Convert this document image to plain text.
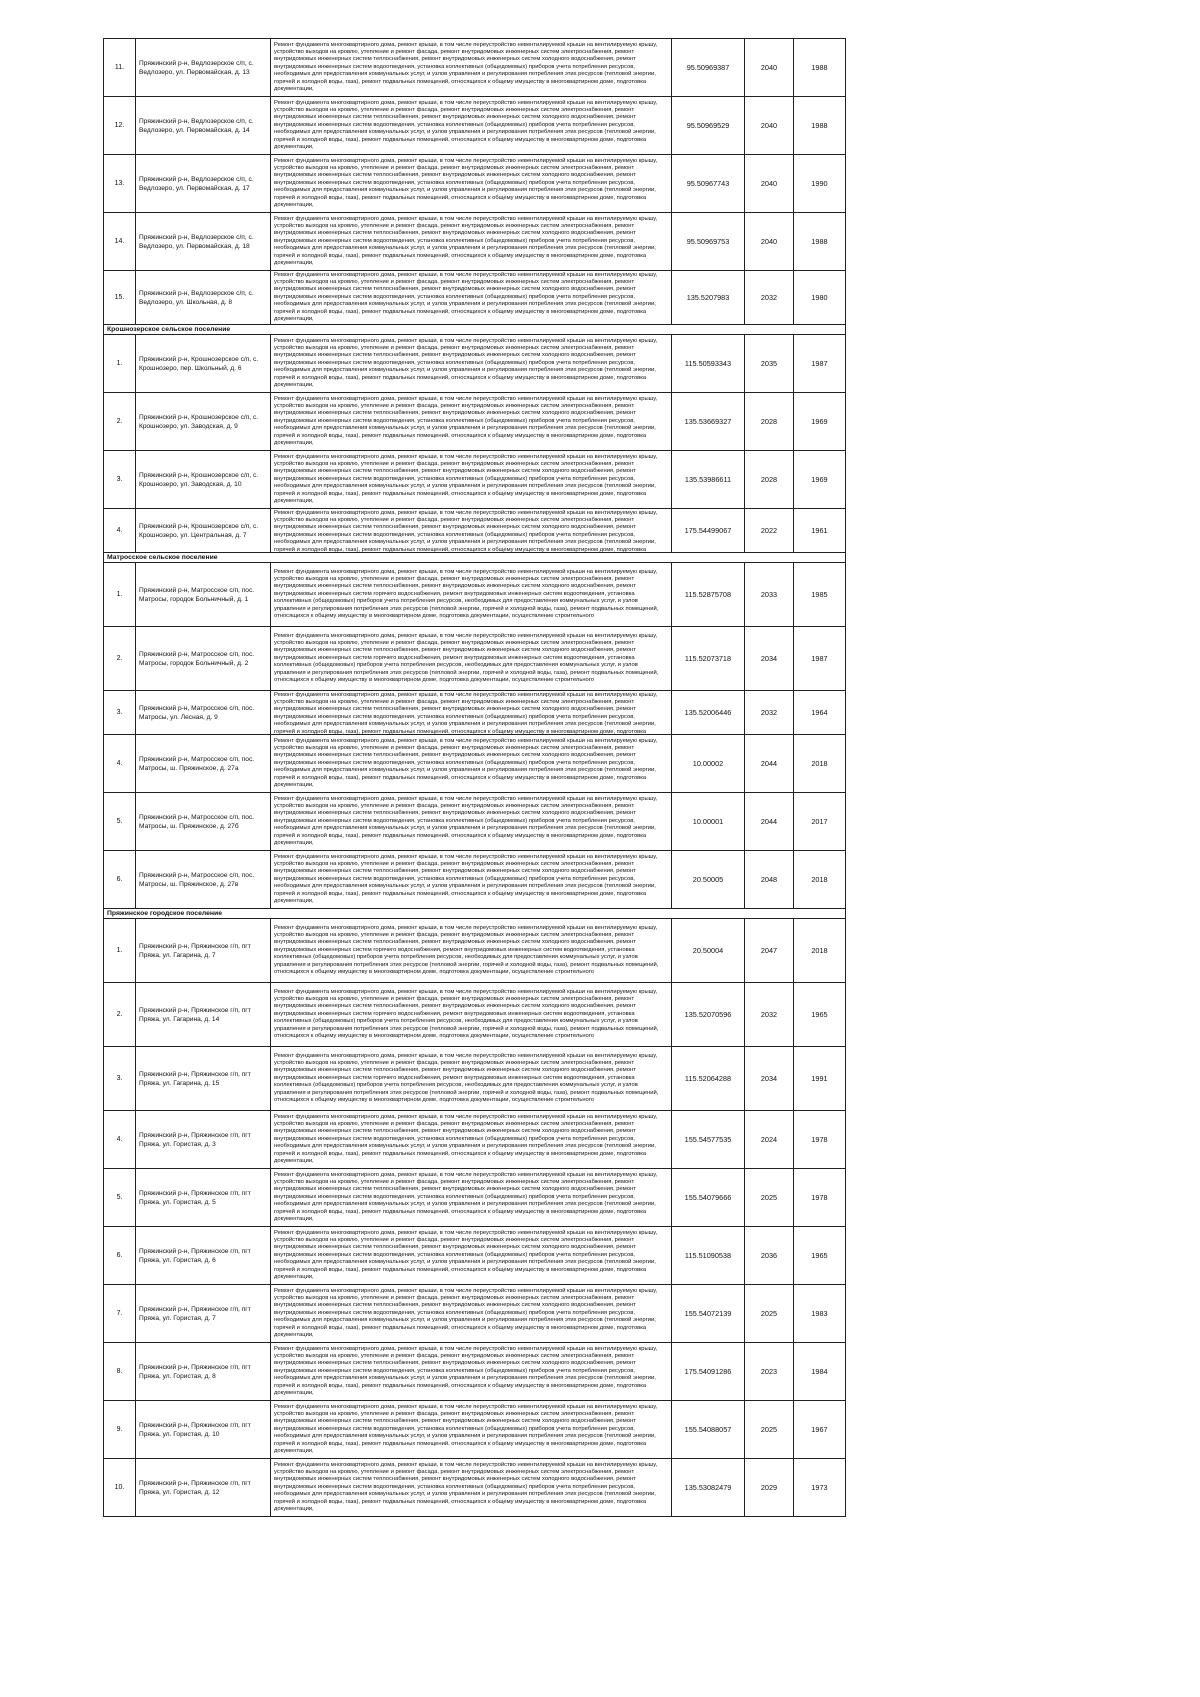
11.	Пряжинский р-н, Ведлозерское с/п, с. Ведлозеро, ул. Первомайская, д. 13	Ремонт фундамента многоквартирного дома, ремонт крыши, в том числе переустройство невентилируемой крыши на вентилируемую крышу, устройство выходов на кровлю, утепление и ремонт фасада, ремонт внутридомовых инженерных систем электроснабжения, ремонт внутридомовых инженерных систем теплоснабжения, ремонт внутридомовых инженерных систем холодного водоснабжения, ремонт внутридомовых инженерных систем водоотведения, установка коллективных (общедомовых) приборов учета потребления ресурсов, необходимых для предоставления коммунальных услуг, и узлов управления и регулирования потребления этих ресурсов (тепловой энергии, горячей и холодной воды, газа), ремонт подвальных помещений, относящихся к общему имуществу в многоквартирном доме, подготовка документации,	95.50969387	2040	1988
12.	Пряжинский р-н, Ведлозерское с/п, с. Ведлозеро, ул. Первомайская, д. 14	Ремонт фундамента многоквартирного дома, ремонт крыши, в том числе переустройство невентилируемой крыши на вентилируемую крышу, устройство выходов на кровлю, утепление и ремонт фасада, ремонт внутридомовых инженерных систем электроснабжения, ремонт внутридомовых инженерных систем теплоснабжения, ремонт внутридомовых инженерных систем холодного водоснабжения, ремонт внутридомовых инженерных систем водоотведения, установка коллективных (общедомовых) приборов учета потребления ресурсов, необходимых для предоставления коммунальных услуг, и узлов управления и регулирования потребления этих ресурсов (тепловой энергии, горячей и холодной воды, газа), ремонт подвальных помещений, относящихся к общему имуществу в многоквартирном доме, подготовка документации,	95.50969529	2040	1988
13.	Пряжинский р-н, Ведлозерское с/п, с. Ведлозеро, ул. Первомайская, д. 17	Ремонт фундамента многоквартирного дома, ремонт крыши, в том числе переустройство невентилируемой крыши на вентилируемую крышу, устройство выходов на кровлю, утепление и ремонт фасада, ремонт внутридомовых инженерных систем электроснабжения, ремонт внутридомовых инженерных систем теплоснабжения, ремонт внутридомовых инженерных систем холодного водоснабжения, ремонт внутридомовых инженерных систем водоотведения, установка коллективных (общедомовых) приборов учета потребления ресурсов, необходимых для предоставления коммунальных услуг, и узлов управления и регулирования потребления этих ресурсов (тепловой энергии, горячей и холодной воды, газа), ремонт подвальных помещений, относящихся к общему имуществу в многоквартирном доме, подготовка документации,	95.50967743	2040	1990
14.	Пряжинский р-н, Ведлозерское с/п, с. Ведлозеро, ул. Первомайская, д. 18	Ремонт фундамента многоквартирного дома, ремонт крыши, в том числе переустройство невентилируемой крыши на вентилируемую крышу, устройство выходов на кровлю, утепление и ремонт фасада, ремонт внутридомовых инженерных систем электроснабжения, ремонт внутридомовых инженерных систем теплоснабжения, ремонт внутридомовых инженерных систем холодного водоснабжения, ремонт внутридомовых инженерных систем водоотведения, установка коллективных (общедомовых) приборов учета потребления ресурсов, необходимых для предоставления коммунальных услуг, и узлов управления и регулирования потребления этих ресурсов (тепловой энергии, горячей и холодной воды, газа), ремонт подвальных помещений, относящихся к общему имуществу в многоквартирном доме, подготовка документации,	95.50969753	2040	1988
15.	Пряжинский р-н, Ведлозерское с/п, с. Ведлозеро, ул. Школьная, д. 8	Ремонт фундамента многоквартирного дома, ремонт крыши, в том числе переустройство невентилируемой крыши на вентилируемую крышу, устройство выходов на кровлю, утепление и ремонт фасада, ремонт внутридомовых инженерных систем электроснабжения, ремонт внутридомовых инженерных систем теплоснабжения, ремонт внутридомовых инженерных систем холодного водоснабжения, ремонт внутридомовых инженерных систем водоотведения, установка коллективных (общедомовых) приборов учета потребления ресурсов, необходимых для предоставления коммунальных услуг, и узлов управления и регулирования потребления этих ресурсов (тепловой энергии, горячей и холодной воды, газа), ремонт подвальных помещений, относящихся к общему имуществу в многоквартирном доме, подготовка документации,	135.5207983	2032	1980
Крошнозерское сельское поселение					
1.	Пряжинский р-н, Крошнозерское с/п, с. Крошнозеро, пер. Школьный, д. 6	Ремонт фундамента многоквартирного дома, ремонт крыши, в том числе переустройство невентилируемой крыши на вентилируемую крышу, устройство выходов на кровлю, утепление и ремонт фасада, ремонт внутридомовых инженерных систем электроснабжения, ремонт внутридомовых инженерных систем теплоснабжения, ремонт внутридомовых инженерных систем холодного водоснабжения, ремонт внутридомовых инженерных систем водоотведения, установка коллективных (общедомовых) приборов учета потребления ресурсов, необходимых для предоставления коммунальных услуг, и узлов управления и регулирования потребления этих ресурсов (тепловой энергии, горячей и холодной воды, газа), ремонт подвальных помещений, относящихся к общему имуществу в многоквартирном доме, подготовка документации,	115.50593343	2035	1987
2.	Пряжинский р-н, Крошнозерское с/п, с. Крошнозеро, ул. Заводская, д. 9	Ремонт фундамента многоквартирного дома, ремонт крыши, в том числе переустройство невентилируемой крыши на вентилируемую крышу, устройство выходов на кровлю, утепление и ремонт фасада, ремонт внутридомовых инженерных систем электроснабжения, ремонт внутридомовых инженерных систем теплоснабжения, ремонт внутридомовых инженерных систем холодного водоснабжения, ремонт внутридомовых инженерных систем водоотведения, установка коллективных (общедомовых) приборов учета потребления ресурсов, необходимых для предоставления коммунальных услуг, и узлов управления и регулирования потребления этих ресурсов (тепловой энергии, горячей и холодной воды, газа), ремонт подвальных помещений, относящихся к общему имуществу в многоквартирном доме, подготовка документации,	135.53669327	2028	1969
3.	Пряжинский р-н, Крошнозерское с/п, с. Крошнозеро, ул. Заводская, д. 10	Ремонт фундамента многоквартирного дома, ремонт крыши, в том числе переустройство невентилируемой крыши на вентилируемую крышу, устройство выходов на кровлю, утепление и ремонт фасада, ремонт внутридомовых инженерных систем электроснабжения, ремонт внутридомовых инженерных систем теплоснабжения, ремонт внутридомовых инженерных систем холодного водоснабжения, ремонт внутридомовых инженерных систем водоотведения, установка коллективных (общедомовых) приборов учета потребления ресурсов, необходимых для предоставления коммунальных услуг, и узлов управления и регулирования потребления этих ресурсов (тепловой энергии, горячей и холодной воды, газа), ремонт подвальных помещений, относящихся к общему имуществу в многоквартирном доме, подготовка документации,	135.53986611	2028	1969
4.	Пряжинский р-н, Крошнозерское с/п, с. Крошнозеро, ул. Центральная, д. 7	Ремонт фундамента многоквартирного дома, ремонт крыши, в том числе переустройство невентилируемой крыши на вентилируемую крышу, устройство выходов на кровлю, утепление и ремонт фасада, ремонт внутридомовых инженерных систем электроснабжения, ремонт внутридомовых инженерных систем теплоснабжения, ремонт внутридомовых инженерных систем холодного водоснабжения, ремонт внутридомовых инженерных систем водоотведения, установка коллективных (общедомовых) приборов учета потребления ресурсов, необходимых для предоставления коммунальных услуг, и узлов управления и регулирования потребления этих ресурсов (тепловой энергии, горячей и холодной воды, газа), ремонт подвальных помещений, относящихся к общему имуществу в многоквартирном доме, подготовка	175.54499067	2022	1961
Матросское сельское поселение					
1.	Пряжинский р-н, Матросское с/п, пос. Матросы, городок Больничный, д. 1	Ремонт фундамента многоквартирного дома, ремонт крыши, в том числе переустройство невентилируемой крыши на вентилируемую крышу, устройство выходов на кровлю, утепление и ремонт фасада, ремонт внутридомовых инженерных систем электроснабжения, ремонт внутридомовых инженерных систем теплоснабжения, ремонт внутридомовых инженерных систем холодного водоснабжения, ремонт внутридомовых инженерных систем горячего водоснабжения, ремонт внутридомовых инженерных систем водоотведения, установка коллективных (общедомовых) приборов учета потребления ресурсов, необходимых для предоставления коммунальных услуг, и узлов управления и регулирования потребления этих ресурсов (тепловой энергии, горячей и холодной воды, газа), ремонт подвальных помещений, относящихся к общему имуществу в многоквартирном доме, подготовка документации, осуществление строительного	115.52875708	2033	1985
2.	Пряжинский р-н, Матросское с/п, пос. Матросы, городок Больничный, д. 2	Ремонт фундамента многоквартирного дома, ремонт крыши, в том числе переустройство невентилируемой крыши на вентилируемую крышу, устройство выходов на кровлю, утепление и ремонт фасада, ремонт внутридомовых инженерных систем электроснабжения, ремонт внутридомовых инженерных систем теплоснабжения, ремонт внутридомовых инженерных систем холодного водоснабжения, ремонт внутридомовых инженерных систем горячего водоснабжения, ремонт внутридомовых инженерных систем водоотведения, установка коллективных (общедомовых) приборов учета потребления ресурсов, необходимых для предоставления коммунальных услуг, и узлов управления и регулирования потребления этих ресурсов (тепловой энергии, горячей и холодной воды, газа), ремонт подвальных помещений, относящихся к общему имуществу в многоквартирном доме, подготовка документации, осуществление строительного	115.52073718	2034	1987
3.	Пряжинский р-н, Матросское с/п, пос. Матросы, ул. Лесная, д. 9	Ремонт фундамента многоквартирного дома, ремонт крыши, в том числе переустройство невентилируемой крыши на вентилируемую крышу, устройство выходов на кровлю, утепление и ремонт фасада, ремонт внутридомовых инженерных систем электроснабжения, ремонт внутридомовых инженерных систем теплоснабжения, ремонт внутридомовых инженерных систем холодного водоснабжения, ремонт внутридомовых инженерных систем водоотведения, установка коллективных (общедомовых) приборов учета потребления ресурсов, необходимых для предоставления коммунальных услуг, и узлов управления и регулирования потребления этих ресурсов (тепловой энергии, горячей и холодной воды, газа), ремонт подвальных помещений, относящихся к общему имуществу в многоквартирном доме, подготовка	135.52006446	2032	1964
4.	Пряжинский р-н, Матросское с/п, пос. Матросы, ш. Пряжинское, д. 27а	Ремонт фундамента многоквартирного дома, ремонт крыши, в том числе переустройство невентилируемой крыши на вентилируемую крышу, устройство выходов на кровлю, утепление и ремонт фасада, ремонт внутридомовых инженерных систем электроснабжения, ремонт внутридомовых инженерных систем теплоснабжения, ремонт внутридомовых инженерных систем холодного водоснабжения, ремонт внутридомовых инженерных систем водоотведения, установка коллективных (общедомовых) приборов учета потребления ресурсов, необходимых для предоставления коммунальных услуг, и узлов управления и регулирования потребления этих ресурсов (тепловой энергии, горячей и холодной воды, газа), ремонт подвальных помещений, относящихся к общему имуществу в многоквартирном доме, подготовка документации,	10.00002	2044	2018
5.	Пряжинский р-н, Матросское с/п, пос. Матросы, ш. Пряжинское, д. 27б	Ремонт фундамента многоквартирного дома, ремонт крыши, в том числе переустройство невентилируемой крыши на вентилируемую крышу, устройство выходов на кровлю, утепление и ремонт фасада, ремонт внутридомовых инженерных систем электроснабжения, ремонт внутридомовых инженерных систем теплоснабжения, ремонт внутридомовых инженерных систем холодного водоснабжения, ремонт внутридомовых инженерных систем водоотведения, установка коллективных (общедомовых) приборов учета потребления ресурсов, необходимых для предоставления коммунальных услуг, и узлов управления и регулирования потребления этих ресурсов (тепловой энергии, горячей и холодной воды, газа), ремонт подвальных помещений, относящихся к общему имуществу в многоквартирном доме, подготовка документации,	10.00001	2044	2017
6.	Пряжинский р-н, Матросское с/п, пос. Матросы, ш. Пряжинское, д. 27в	Ремонт фундамента многоквартирного дома, ремонт крыши, в том числе переустройство невентилируемой крыши на вентилируемую крышу, устройство выходов на кровлю, утепление и ремонт фасада, ремонт внутридомовых инженерных систем электроснабжения, ремонт внутридомовых инженерных систем теплоснабжения, ремонт внутридомовых инженерных систем холодного водоснабжения, ремонт внутридомовых инженерных систем водоотведения, установка коллективных (общедомовых) приборов учета потребления ресурсов, необходимых для предоставления коммунальных услуг, и узлов управления и регулирования потребления этих ресурсов (тепловой энергии, горячей и холодной воды, газа), ремонт подвальных помещений, относящихся к общему имуществу в многоквартирном доме, подготовка документации,	20.50005	2048	2018
Пряжинское городское поселение					
1.	Пряжинский р-н, Пряжинское г/п, пгт Пряжа, ул. Гагарина, д. 7	Ремонт фундамента многоквартирного дома, ремонт крыши, в том числе переустройство невентилируемой крыши на вентилируемую крышу, устройство выходов на кровлю, утепление и ремонт фасада, ремонт внутридомовых инженерных систем электроснабжения, ремонт внутридомовых инженерных систем теплоснабжения, ремонт внутридомовых инженерных систем холодного водоснабжения, ремонт внутридомовых инженерных систем горячего водоснабжения, ремонт внутридомовых инженерных систем водоотведения, установка коллективных (общедомовых) приборов учета потребления ресурсов, необходимых для предоставления коммунальных услуг, и узлов управления и регулирования потребления этих ресурсов (тепловой энергии, горячей и холодной воды, газа), ремонт подвальных помещений, относящихся к общему имуществу в многоквартирном доме, подготовка документации, осуществление строительного	20.50004	2047	2018
2.	Пряжинский р-н, Пряжинское г/п, пгт Пряжа, ул. Гагарина, д. 14	Ремонт фундамента многоквартирного дома, ремонт крыши, в том числе переустройство невентилируемой крыши на вентилируемую крышу, устройство выходов на кровлю, утепление и ремонт фасада, ремонт внутридомовых инженерных систем электроснабжения, ремонт внутридомовых инженерных систем теплоснабжения, ремонт внутридомовых инженерных систем холодного водоснабжения, ремонт внутридомовых инженерных систем горячего водоснабжения, ремонт внутридомовых инженерных систем водоотведения, установка коллективных (общедомовых) приборов учета потребления ресурсов, необходимых для предоставления коммунальных услуг, и узлов управления и регулирования потребления этих ресурсов (тепловой энергии, горячей и холодной воды, газа), ремонт подвальных помещений, относящихся к общему имуществу в многоквартирном доме, подготовка документации, осуществление строительного	135.52070596	2032	1965
3.	Пряжинский р-н, Пряжинское г/п, пгт Пряжа, ул. Гагарина, д. 15	Ремонт фундамента многоквартирного дома, ремонт крыши, в том числе переустройство невентилируемой крыши на вентилируемую крышу, устройство выходов на кровлю, утепление и ремонт фасада, ремонт внутридомовых инженерных систем электроснабжения, ремонт внутридомовых инженерных систем теплоснабжения, ремонт внутридомовых инженерных систем холодного водоснабжения, ремонт внутридомовых инженерных систем горячего водоснабжения, ремонт внутридомовых инженерных систем водоотведения, установка коллективных (общедомовых) приборов учета потребления ресурсов, необходимых для предоставления коммунальных услуг, и узлов управления и регулирования потребления этих ресурсов (тепловой энергии, горячей и холодной воды, газа), ремонт подвальных помещений, относящихся к общему имуществу в многоквартирном доме, подготовка документации, осуществление строительного	115.52064288	2034	1991
4.	Пряжинский р-н, Пряжинское г/п, пгт Пряжа, ул. Гористая, д. 3	Ремонт фундамента многоквартирного дома, ремонт крыши, в том числе переустройство невентилируемой крыши на вентилируемую крышу, устройство выходов на кровлю, утепление и ремонт фасада, ремонт внутридомовых инженерных систем электроснабжения, ремонт внутридомовых инженерных систем теплоснабжения, ремонт внутридомовых инженерных систем холодного водоснабжения, ремонт внутридомовых инженерных систем водоотведения, установка коллективных (общедомовых) приборов учета потребления ресурсов, необходимых для предоставления коммунальных услуг, и узлов управления и регулирования потребления этих ресурсов (тепловой энергии, горячей и холодной воды, газа), ремонт подвальных помещений, относящихся к общему имуществу в многоквартирном доме, подготовка документации,	155.54577535	2024	1978
5.	Пряжинский р-н, Пряжинское г/п, пгт Пряжа, ул. Гористая, д. 5	Ремонт фундамента многоквартирного дома, ремонт крыши, в том числе переустройство невентилируемой крыши на вентилируемую крышу, устройство выходов на кровлю, утепление и ремонт фасада, ремонт внутридомовых инженерных систем электроснабжения, ремонт внутридомовых инженерных систем теплоснабжения, ремонт внутридомовых инженерных систем холодного водоснабжения, ремонт внутридомовых инженерных систем водоотведения, установка коллективных (общедомовых) приборов учета потребления ресурсов, необходимых для предоставления коммунальных услуг, и узлов управления и регулирования потребления этих ресурсов (тепловой энергии, горячей и холодной воды, газа), ремонт подвальных помещений, относящихся к общему имуществу в многоквартирном доме, подготовка документации,	155.54079666	2025	1978
6.	Пряжинский р-н, Пряжинское г/п, пгт Пряжа, ул. Гористая, д. 6	Ремонт фундамента многоквартирного дома, ремонт крыши, в том числе переустройство невентилируемой крыши на вентилируемую крышу, устройство выходов на кровлю, утепление и ремонт фасада, ремонт внутридомовых инженерных систем электроснабжения, ремонт внутридомовых инженерных систем теплоснабжения, ремонт внутридомовых инженерных систем холодного водоснабжения, ремонт внутридомовых инженерных систем водоотведения, установка коллективных (общедомовых) приборов учета потребления ресурсов, необходимых для предоставления коммунальных услуг, и узлов управления и регулирования потребления этих ресурсов (тепловой энергии, горячей и холодной воды, газа), ремонт подвальных помещений, относящихся к общему имуществу в многоквартирном доме, подготовка документации,	115.51090538	2036	1965
7.	Пряжинский р-н, Пряжинское г/п, пгт Пряжа, ул. Гористая, д. 7	Ремонт фундамента многоквартирного дома, ремонт крыши, в том числе переустройство невентилируемой крыши на вентилируемую крышу, устройство выходов на кровлю, утепление и ремонт фасада, ремонт внутридомовых инженерных систем электроснабжения, ремонт внутридомовых инженерных систем теплоснабжения, ремонт внутридомовых инженерных систем холодного водоснабжения, ремонт внутридомовых инженерных систем водоотведения, установка коллективных (общедомовых) приборов учета потребления ресурсов, необходимых для предоставления коммунальных услуг, и узлов управления и регулирования потребления этих ресурсов (тепловой энергии, горячей и холодной воды, газа), ремонт подвальных помещений, относящихся к общему имуществу в многоквартирном доме, подготовка документации,	155.54072139	2025	1983
8.	Пряжинский р-н, Пряжинское г/п, пгт Пряжа, ул. Гористая, д. 8	Ремонт фундамента многоквартирного дома, ремонт крыши, в том числе переустройство невентилируемой крыши на вентилируемую крышу, устройство выходов на кровлю, утепление и ремонт фасада, ремонт внутридомовых инженерных систем электроснабжения, ремонт внутридомовых инженерных систем теплоснабжения, ремонт внутридомовых инженерных систем холодного водоснабжения, ремонт внутридомовых инженерных систем водоотведения, установка коллективных (общедомовых) приборов учета потребления ресурсов, необходимых для предоставления коммунальных услуг, и узлов управления и регулирования потребления этих ресурсов (тепловой энергии, горячей и холодной воды, газа), ремонт подвальных помещений, относящихся к общему имуществу в многоквартирном доме, подготовка документации,	175.54091286	2023	1984
9.	Пряжинский р-н, Пряжинское г/п, пгт Пряжа, ул. Гористая, д. 10	Ремонт фундамента многоквартирного дома, ремонт крыши, в том числе переустройство невентилируемой крыши на вентилируемую крышу, устройство выходов на кровлю, утепление и ремонт фасада, ремонт внутридомовых инженерных систем электроснабжения, ремонт внутридомовых инженерных систем теплоснабжения, ремонт внутридомовых инженерных систем холодного водоснабжения, ремонт внутридомовых инженерных систем водоотведения, установка коллективных (общедомовых) приборов учета потребления ресурсов, необходимых для предоставления коммунальных услуг, и узлов управления и регулирования потребления этих ресурсов (тепловой энергии, горячей и холодной воды, газа), ремонт подвальных помещений, относящихся к общему имуществу в многоквартирном доме, подготовка документации,	155.54088057	2025	1967
10.	Пряжинский р-н, Пряжинское г/п, пгт Пряжа, ул. Гористая, д. 12	Ремонт фундамента многоквартирного дома, ремонт крыши, в том числе переустройство невентилируемой крыши на вентилируемую крышу, устройство выходов на кровлю, утепление и ремонт фасада, ремонт внутридомовых инженерных систем электроснабжения, ремонт внутридомовых инженерных систем теплоснабжения, ремонт внутридомовых инженерных систем холодного водоснабжения, ремонт внутридомовых инженерных систем водоотведения, установка коллективных (общедомовых) приборов учета потребления ресурсов, необходимых для предоставления коммунальных услуг, и узлов управления и регулирования потребления этих ресурсов (тепловой энергии, горячей и холодной воды, газа), ремонт подвальных помещений, относящихся к общему имуществу в многоквартирном доме, подготовка документации,	135.53082479	2029	1973
